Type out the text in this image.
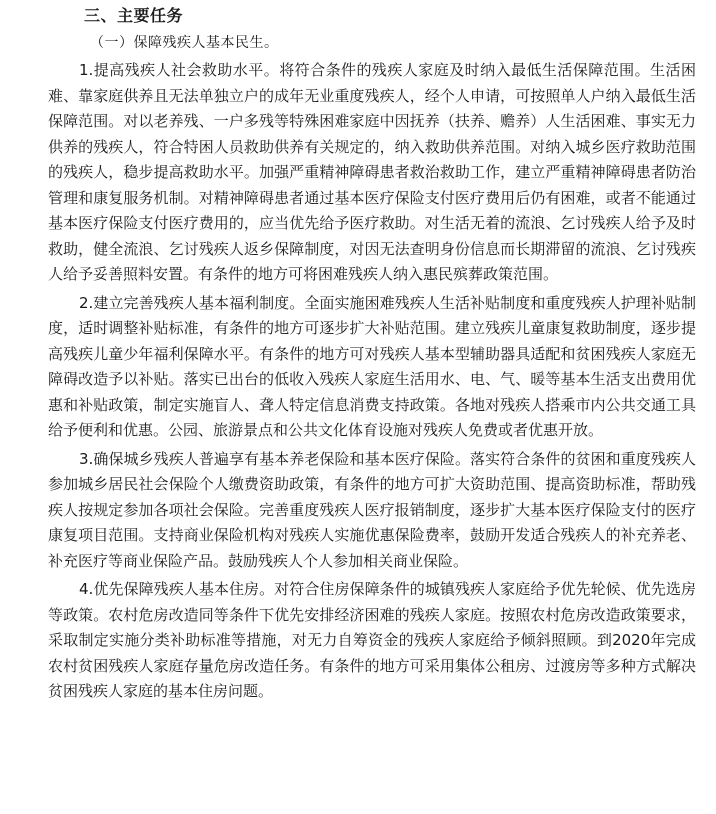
三、主要任务
（一）保障残疾人基本民生。

1.提高残疾人社会救助水平。将符合条件的残疾人家庭及时纳入最低生活保障范围。生活困难、靠家庭供养且无法单独立户的成年无业重度残疾人，经个人申请，可按照单人户纳入最低生活保障范围。对以老养残、一户多残等特殊困难家庭中因抚养（扶养、赡养）人生活困难、事实无力供养的残疾人，符合特困人员救助供养有关规定的，纳入救助供养范围。对纳入城乡医疗救助范围的残疾人，稳步提高救助水平。加强严重精神障碍患者救治救助工作，建立严重精神障碍患者防治管理和康复服务机制。对精神障碍患者通过基本医疗保险支付医疗费用后仍有困难，或者不能通过基本医疗保险支付医疗费用的，应当优先给予医疗救助。对生活无着的流浪、乞讨残疾人给予及时救助，健全流浪、乞讨残疾人返乡保障制度，对因无法查明身份信息而长期滞留的流浪、乞讨残疾人给予妥善照料安置。有条件的地方可将困难残疾人纳入惠民殡葬政策范围。

2.建立完善残疾人基本福利制度。全面实施困难残疾人生活补贴制度和重度残疾人护理补贴制度，适时调整补贴标准，有条件的地方可逐步扩大补贴范围。建立残疾儿童康复救助制度，逐步提高残疾儿童少年福利保障水平。有条件的地方可对残疾人基本型辅助器具适配和贫困残疾人家庭无障碍改造予以补贴。落实已出台的低收入残疾人家庭生活用水、电、气、暖等基本生活支出费用优惠和补贴政策，制定实施盲人、聋人特定信息消费支持政策。各地对残疾人搭乘市内公共交通工具给予便利和优惠。公园、旅游景点和公共文化体育设施对残疾人免费或者优惠开放。

3.确保城乡残疾人普遍享有基本养老保险和基本医疗保险。落实符合条件的贫困和重度残疾人参加城乡居民社会保险个人缴费资助政策，有条件的地方可扩大资助范围、提高资助标准，帮助残疾人按规定参加各项社会保险。完善重度残疾人医疗报销制度，逐步扩大基本医疗保险支付的医疗康复项目范围。支持商业保险机构对残疾人实施优惠保险费率，鼓励开发适合残疾人的补充养老、补充医疗等商业保险产品。鼓励残疾人个人参加相关商业保险。

4.优先保障残疾人基本住房。对符合住房保障条件的城镇残疾人家庭给予优先轮候、优先选房等政策。农村危房改造同等条件下优先安排经济困难的残疾人家庭。按照农村危房改造政策要求，采取制定实施分类补助标准等措施，对无力自筹资金的残疾人家庭给予倾斜照顾。到2020年完成农村贫困残疾人家庭存量危房改造任务。有条件的地方可采用集体公租房、过渡房等多种方式解决贫困残疾人家庭的基本住房问题。
